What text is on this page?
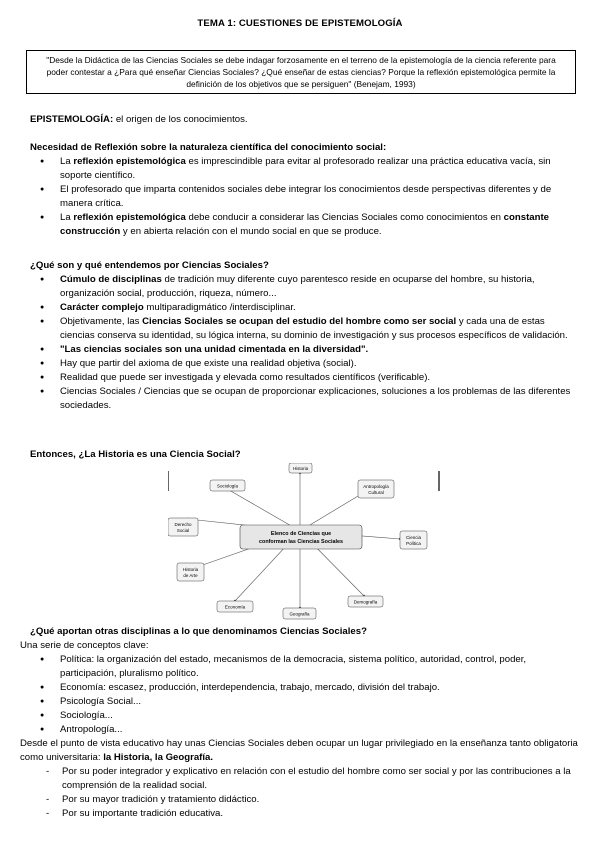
TEMA 1: CUESTIONES DE EPISTEMOLOGÍA
"Desde la Didáctica de las Ciencias Sociales se debe indagar forzosamente en el terreno de la epistemología de la ciencia referente para poder contestar a ¿Para qué enseñar Ciencias Sociales? ¿Qué enseñar de estas ciencias? Porque la reflexión epistemológica permite la definición de los objetivos que se persiguen" (Benejam, 1993)
EPISTEMOLOGÍA: el origen de los conocimientos.
Necesidad de Reflexión sobre la naturaleza científica del conocimiento social:
● La reflexión epistemológica es imprescindible para evitar al profesorado realizar una práctica educativa vacía, sin soporte científico.
● El profesorado que imparta contenidos sociales debe integrar los conocimientos desde perspectivas diferentes y de manera crítica.
● La reflexión epistemológica debe conducir a considerar las Ciencias Sociales como conocimientos en constante construcción y en abierta relación con el mundo social en que se produce.
¿Qué son y qué entendemos por Ciencias Sociales?
● Cúmulo de disciplinas de tradición muy diferente cuyo parentesco reside en ocuparse del hombre, su historia, organización social, producción, riqueza, número...
● Carácter complejo multiparadigmático /interdisciplinar.
● Objetivamente, las Ciencias Sociales se ocupan del estudio del hombre como ser social y cada una de estas ciencias conserva su identidad, su lógica interna, su dominio de investigación y sus procesos específicos de validación.
● "Las ciencias sociales son una unidad cimentada en la diversidad".
● Hay que partir del axioma de que existe una realidad objetiva (social).
● Realidad que puede ser investigada y elevada como resultados científicos (verificable).
● Ciencias Sociales / Ciencias que se ocupan de proporcionar explicaciones, soluciones a los problemas de las diferentes sociedades.
Entonces, ¿La Historia es una Ciencia Social?
Elenco de Ciencias que
conforman las Ciencias Sociales
Historia
Antropología
Cultural
Ciencia
Política
Demografía
Geografía
Economía
Historia
de Arte
Derecho
Social
Sociología
¿Qué aportan otras disciplinas a lo que denominamos Ciencias Sociales?
Una serie de conceptos clave:
● Política: la organización del estado, mecanismos de la democracia, sistema político, autoridad, control, poder, participación, pluralismo político.
● Economía: escasez, producción, interdependencia, trabajo, mercado, división del trabajo.
● Psicología Social...
● Sociología...
● Antropología...
Desde el punto de vista educativo hay unas Ciencias Sociales deben ocupar un lugar privilegiado en la enseñanza tanto obligatoria como universitaria: la Historia, la Geografía.
- Por su poder integrador y explicativo en relación con el estudio del hombre como ser social y por las contribuciones a la comprensión de la realidad social.
- Por su mayor tradición y tratamiento didáctico.
- Por su importante tradición educativa.
